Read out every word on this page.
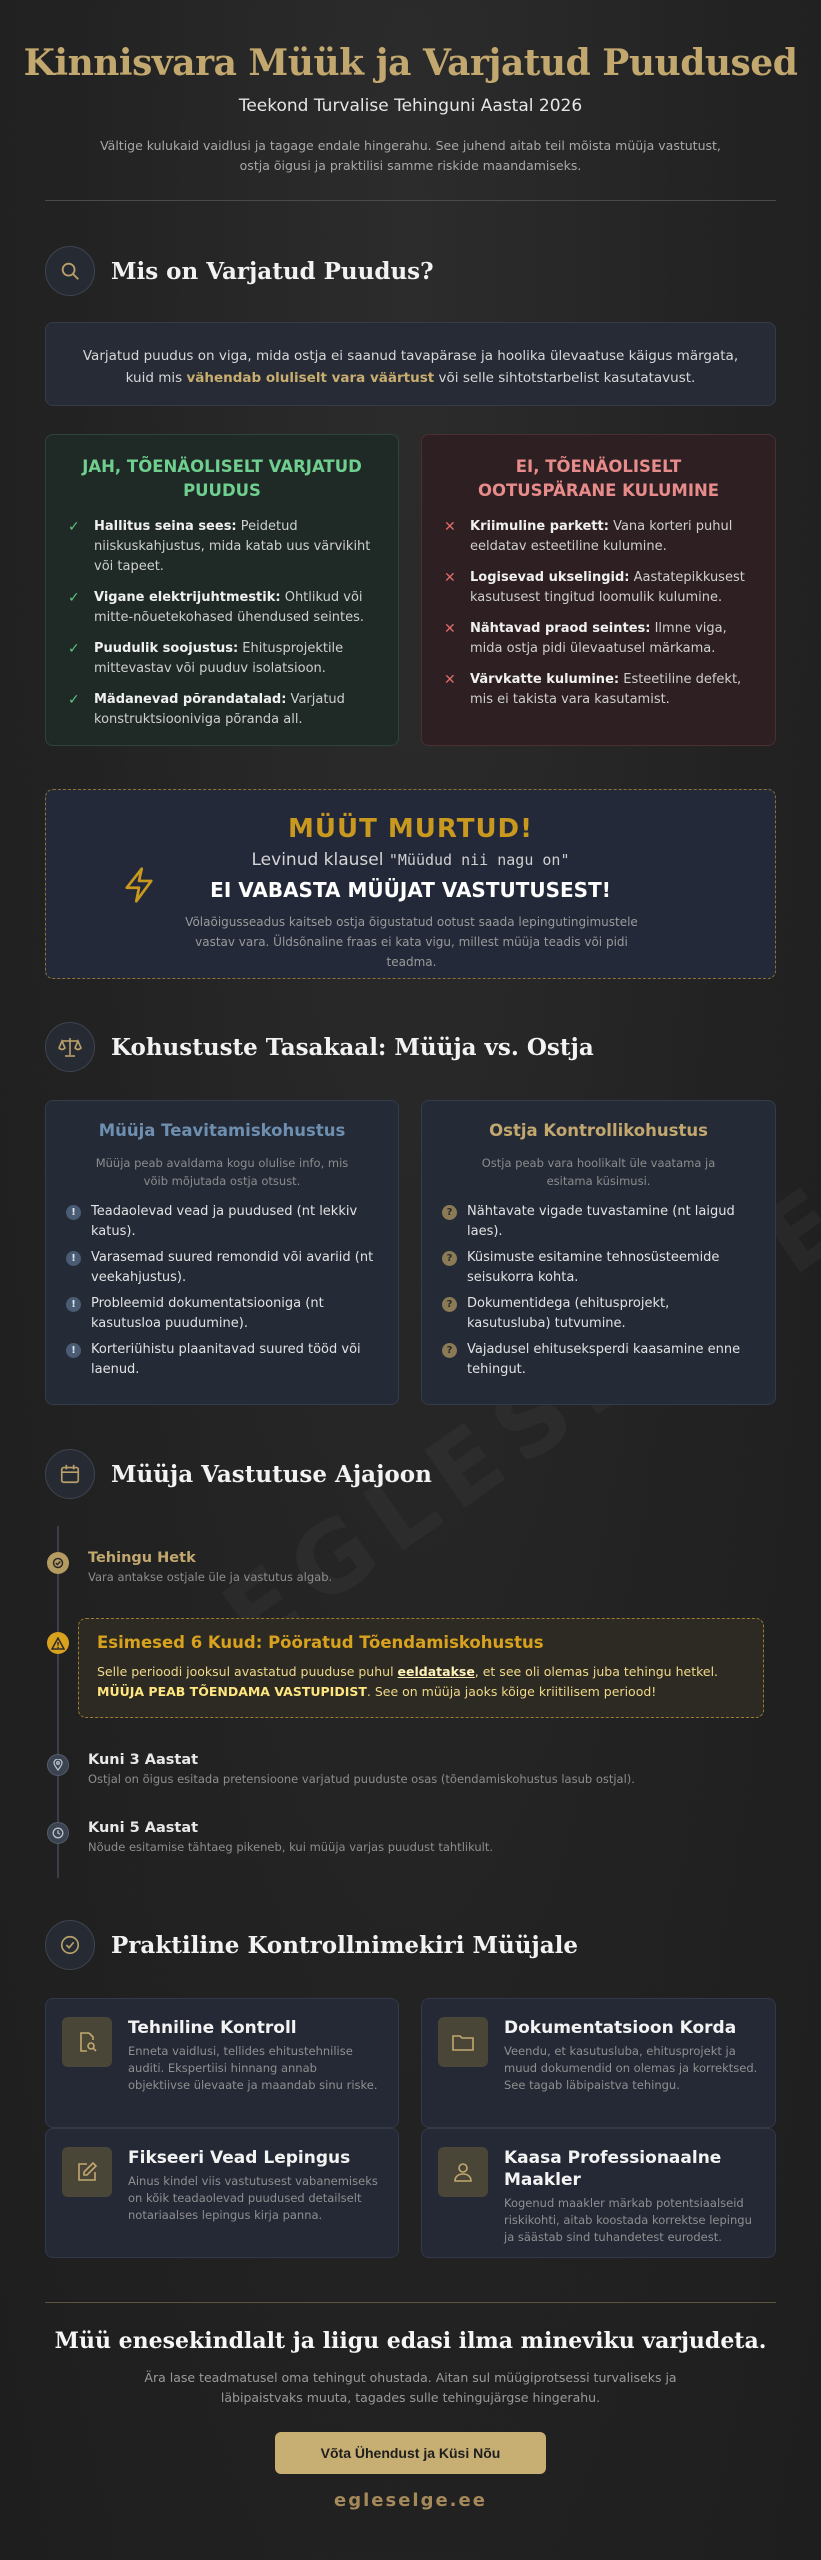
Kinnisvara Müük ja Varjatud Puudused
Teekond Turvalise Tehinguni Aastal 2026

Vältige kulukaid vaidlusi ja tagage endale hingerahu. See juhend aitab teil mõista müüja vastutust, ostja õigusi ja praktilisi samme riskide maandamiseks.

Mis on Varjatud Puudus?
Varjatud puudus on viga, mida ostja ei saanud tavapärase ja hoolika ülevaatuse käigus märgata, kuid mis vähendab oluliselt vara väärtust või selle sihtotstarbelist kasutatavust.
JAH, TÕENÄOLISELT VARJATUD PUUDUS
✓ Hallitus seina sees: Peidetud niiskuskahjustus, mida katab uus värvikiht või tapeet.
✓ Vigane elektrijuhtmestik: Ohtlikud või mitte-nõuetekohased ühendused seintes.
✓ Puudulik soojustus: Ehitusprojektile mittevastav või puuduv isolatsioon.
✓ Mädanevad põrandatalad: Varjatud konstruktsiooniviga põranda all.
EI, TÕENÄOLISELT OOTUSPÄRANE KULUMINE
✕ Kriimuline parkett: Vana korteri puhul eeldatav esteetiline kulumine.
✕ Logisevad ukselingid: Aastatepikkusest kasutusest tingitud loomulik kulumine.
✕ Nähtavad praod seintes: Ilmne viga, mida ostja pidi ülevaatusel märkama.
✕ Värvkatte kulumine: Esteetiline defekt, mis ei takista vara kasutamist.
MÜÜT MURTUD!
Levinud klausel "Müüdud nii nagu on"
EI VABASTA MÜÜJAT VASTUTUSEST!
Võlaõigusseadus kaitseb ostja õigustatud ootust saada lepingutingimustele vastav vara. Üldsõnaline fraas ei kata vigu, millest müüja teadis või pidi teadma.
Kohustuste Tasakaal: Müüja vs. Ostja
Müüja Teavitamiskohustus
Müüja peab avaldama kogu olulise info, mis võib mõjutada ostja otsust.
!	Teadaolevad vead ja puudused (nt lekkiv katus).
!	Varasemad suured remondid või avariid (nt veekahjustus).
!	Probleemid dokumentatsiooniga (nt kasutusloa puudumine).
!	Korteriühistu plaanitavad suured tööd või laenud.
Ostja Kontrollikohustus
Ostja peab vara hoolikalt üle vaatama ja esitama küsimusi.
?	Nähtavate vigade tuvastamine (nt laigud laes).
?	Küsimuste esitamine tehnosüsteemide seisukorra kohta.
?	Dokumentidega (ehitusprojekt, kasutusluba) tutvumine.
?	Vajadusel ehituseksperdi kaasamine enne tehingut.
Müüja Vastutuse Ajajoon
Tehingu Hetk
Vara antakse ostjale üle ja vastutus algab.
Esimesed 6 Kuud: Pööratud Tõendamiskohustus
Selle perioodi jooksul avastatud puuduse puhul eeldatakse, et see oli olemas juba tehingu hetkel. MÜÜJA PEAB TÕENDAMA VASTUPIDIST. See on müüja jaoks kõige kriitilisem periood!
Kuni 3 Aastat
Ostjal on õigus esitada pretensioone varjatud puuduste osas (tõendamiskohustus lasub ostjal).
Kuni 5 Aastat
Nõude esitamise tähtaeg pikeneb, kui müüja varjas puudust tahtlikult.
Praktiline Kontrollnimekiri Müüjale
Tehniline Kontroll
Enneta vaidlusi, tellides ehitustehnilise auditi. Ekspertiisi hinnang annab objektiivse ülevaate ja maandab sinu riske.
Dokumentatsioon Korda
Veendu, et kasutusluba, ehitusprojekt ja muud dokumendid on olemas ja korrektsed. See tagab läbipaistva tehingu.
Fikseeri Vead Lepingus
Ainus kindel viis vastutusest vabanemiseks on kõik teadaolevad puudused detailselt notariaalses lepingus kirja panna.
Kaasa Professionaalne Maakler
Kogenud maakler märkab potentsiaalseid riskikohti, aitab koostada korrektse lepingu ja säästab sind tuhandetest eurodest.
Müü enesekindlalt ja liigu edasi ilma mineviku varjudeta.

Ära lase teadmatusel oma tehingut ohustada. Aitan sul müügiprotsessi turvaliseks ja läbipaistvaks muuta, tagades sulle tehingujärgse hingerahu.

Võta Ühendust ja Küsi Nõu
egleselge.ee
